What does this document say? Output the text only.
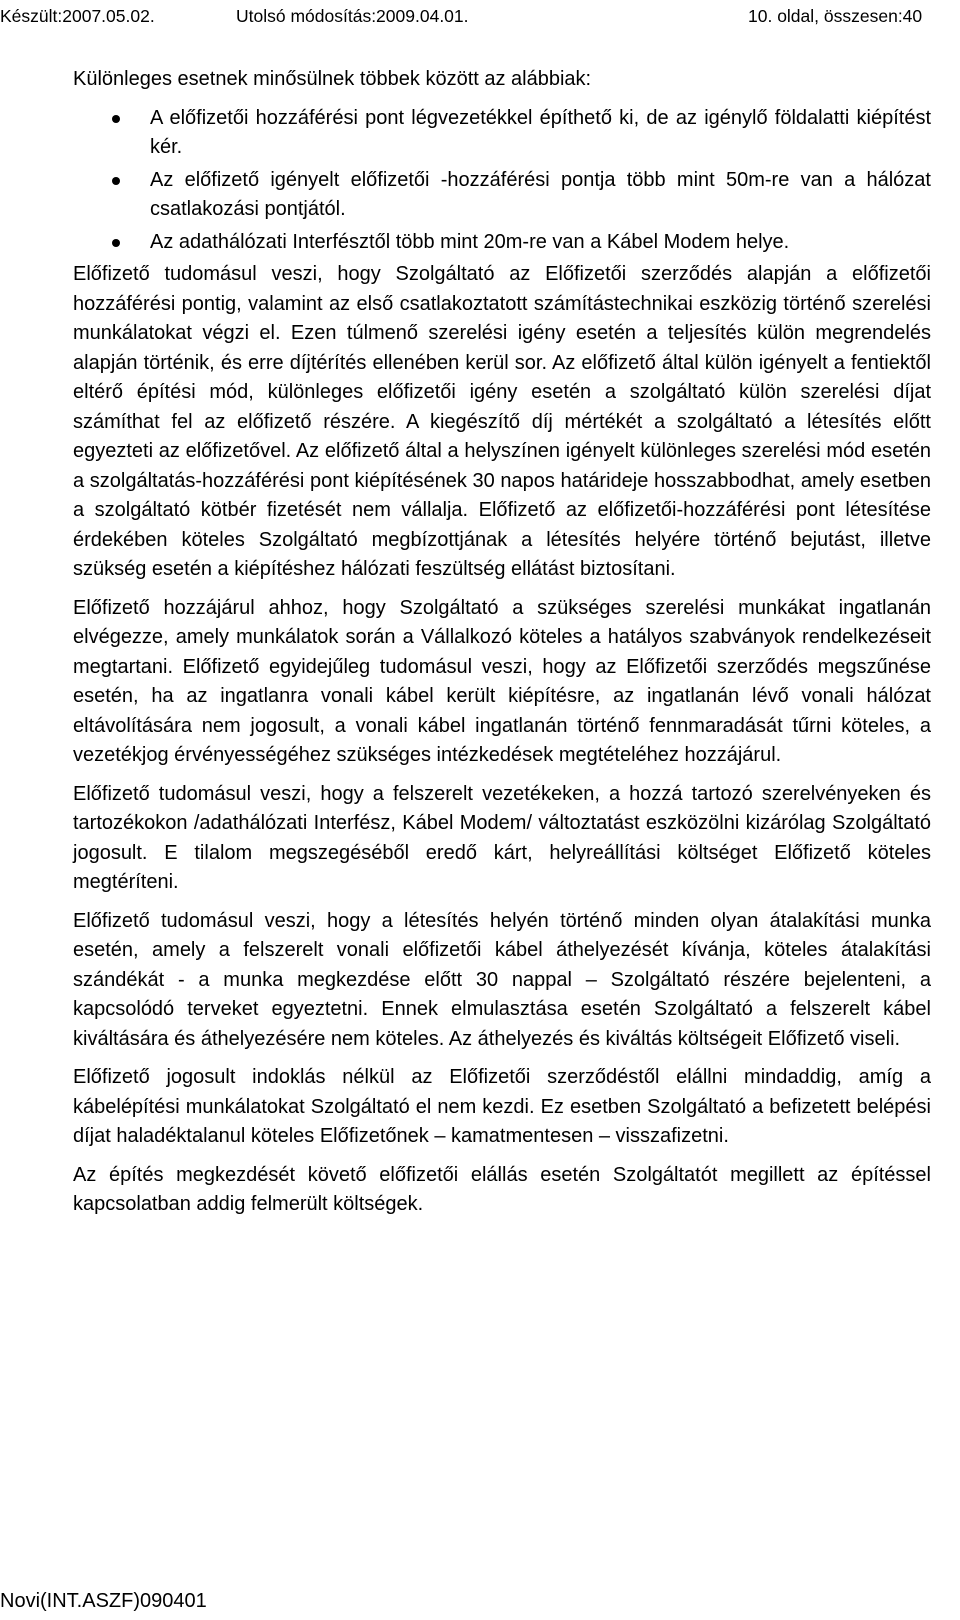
Készült:2007.05.02.	Utolsó módosítás:2009.04.01.	10. oldal, összesen:40

Különleges esetnek minősülnek többek között az alábbiak:

A előfizetői hozzáférési pont légvezetékkel építhető ki, de az igénylő földalatti kiépítést kér.
Az előfizető igényelt előfizetői -hozzáférési pontja több mint 50m-re van a hálózat csatlakozási pontjától.
Az adathálózati Interfésztől több mint 20m-re van a Kábel Modem helye.

Előfizető tudomásul veszi, hogy Szolgáltató az Előfizetői szerződés alapján a előfizetői hozzáférési pontig, valamint az első csatlakoztatott számítástechnikai eszközig történő szerelési munkálatokat végzi el. Ezen túlmenő szerelési igény esetén a teljesítés külön megrendelés alapján történik, és erre díjtérítés ellenében kerül sor. Az előfizető által külön igényelt a fentiektől eltérő építési mód, különleges előfizetői igény esetén a szolgáltató külön szerelési díjat számíthat fel az előfizető részére. A kiegészítő díj mértékét a szolgáltató a létesítés előtt egyezteti az előfizetővel. Az előfizető által a helyszínen igényelt különleges szerelési mód esetén a szolgáltatás-hozzáférési pont kiépítésének 30 napos határideje hosszabbodhat, amely esetben a szolgáltató kötbér fizetését nem vállalja. Előfizető az előfizetői-hozzáférési pont létesítése érdekében köteles Szolgáltató megbízottjának a létesítés helyére történő bejutást, illetve szükség esetén a kiépítéshez hálózati feszültség ellátást biztosítani.

Előfizető hozzájárul ahhoz, hogy Szolgáltató a szükséges szerelési munkákat ingatlanán elvégezze, amely munkálatok során a Vállalkozó köteles a hatályos szabványok rendelkezéseit megtartani. Előfizető egyidejűleg tudomásul veszi, hogy az Előfizetői szerződés megszűnése esetén, ha az ingatlanra vonali kábel került kiépítésre, az ingatlanán lévő vonali hálózat eltávolítására nem jogosult, a vonali kábel ingatlanán történő fennmaradását tűrni köteles, a vezetékjog érvényességéhez szükséges intézkedések megtételéhez hozzájárul.

Előfizető tudomásul veszi, hogy a felszerelt vezetékeken, a hozzá tartozó szerelvényeken és tartozékokon /adathálózati Interfész, Kábel Modem/ változtatást eszközölni kizárólag Szolgáltató jogosult. E tilalom megszegéséből eredő kárt, helyreállítási költséget Előfizető köteles megtéríteni.

Előfizető tudomásul veszi, hogy a létesítés helyén történő minden olyan átalakítási munka esetén, amely a felszerelt vonali előfizetői kábel áthelyezését kívánja, köteles átalakítási szándékát - a munka megkezdése előtt 30 nappal – Szolgáltató részére bejelenteni, a kapcsolódó terveket egyeztetni. Ennek elmulasztása esetén Szolgáltató a felszerelt kábel kiváltására és áthelyezésére nem köteles. Az áthelyezés és kiváltás költségeit Előfizető viseli.

Előfizető jogosult indoklás nélkül az Előfizetői szerződéstől elállni mindaddig, amíg a kábelépítési munkálatokat Szolgáltató el nem kezdi. Ez esetben Szolgáltató a befizetett belépési díjat haladéktalanul köteles Előfizetőnek – kamatmentesen – visszafizetni.

Az építés megkezdését követő előfizetői elállás esetén Szolgáltatót megillett az építéssel kapcsolatban addig felmerült költségek.

Novi(INT.ASZF)090401
